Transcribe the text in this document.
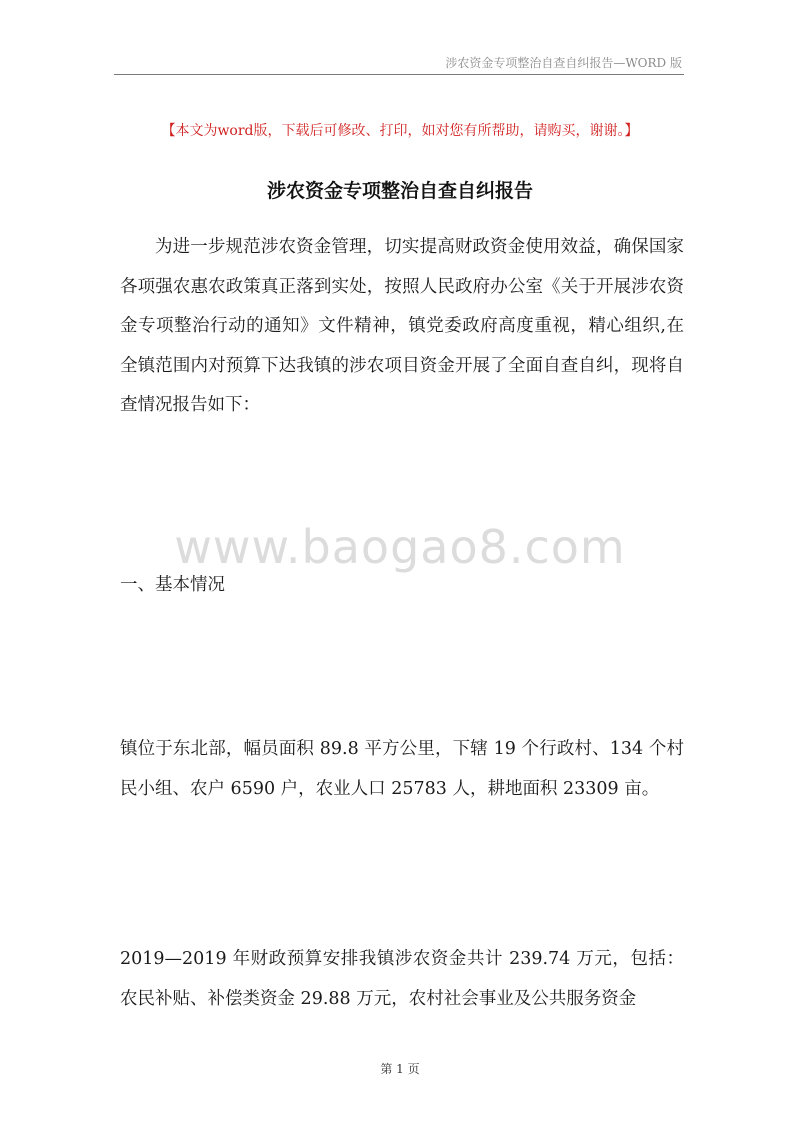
涉农资金专项整治自查自纠报告—WORD 版
【本文为word版，下载后可修改、打印，如对您有所帮助，请购买，谢谢。】
涉农资金专项整治自查自纠报告
为进一步规范涉农资金管理，切实提高财政资金使用效益，确保国家各项强农惠农政策真正落到实处，按照人民政府办公室《关于开展涉农资金专项整治行动的通知》文件精神，镇党委政府高度重视，精心组织,在全镇范围内对预算下达我镇的涉农项目资金开展了全面自查自纠，现将自查情况报告如下：
www.baogao8.com
一、基本情况
镇位于东北部，幅员面积 89.8 平方公里，下辖 19 个行政村、134 个村民小组、农户 6590 户，农业人口 25783 人，耕地面积 23309 亩。
2019—2019 年财政预算安排我镇涉农资金共计 239.74 万元，包括：农民补贴、补偿类资金 29.88 万元，农村社会事业及公共服务资金
第 1 页
